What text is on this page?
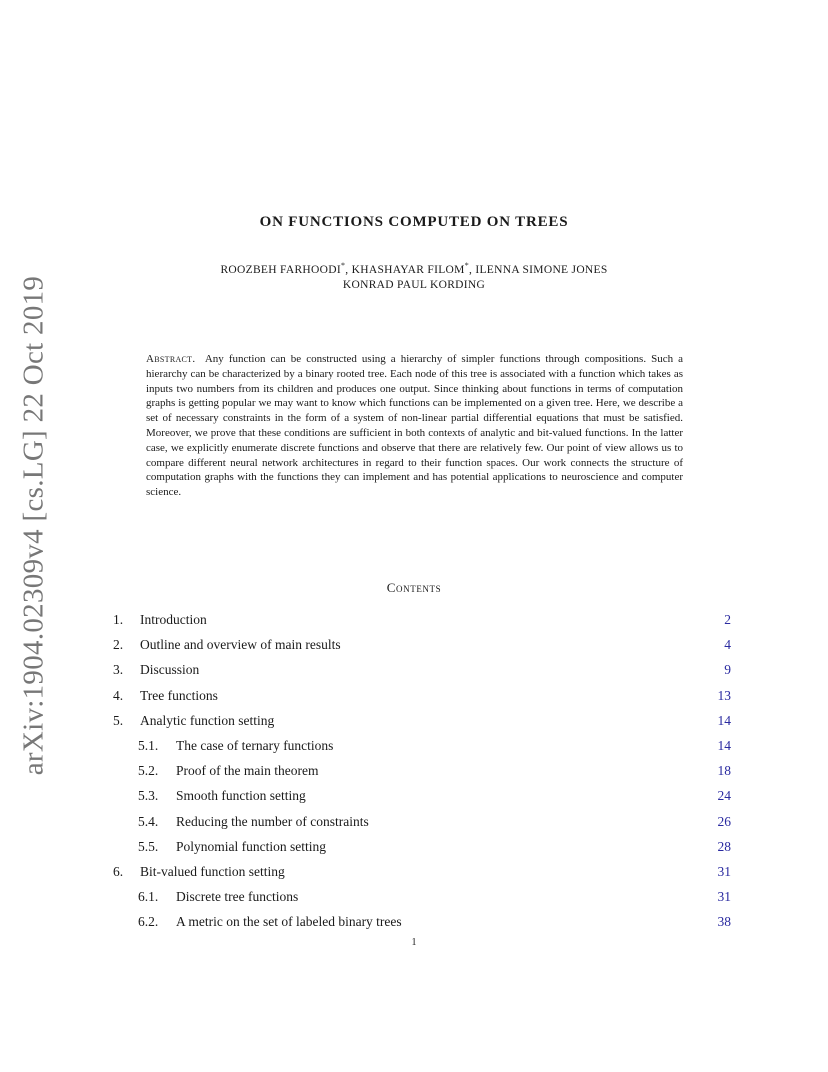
arXiv:1904.02309v4 [cs.LG] 22 Oct 2019
ON FUNCTIONS COMPUTED ON TREES
ROOZBEH FARHOODI*, KHASHAYAR FILOM*, ILENNA SIMONE JONES
KONRAD PAUL KORDING

Abstract. Any function can be constructed using a hierarchy of simpler functions through compositions. Such a hierarchy can be characterized by a binary rooted tree. Each node of this tree is associated with a function which takes as inputs two numbers from its children and produces one output. Since thinking about functions in terms of computation graphs is getting popular we may want to know which functions can be implemented on a given tree. Here, we describe a set of necessary constraints in the form of a system of non-linear partial differential equations that must be satisfied. Moreover, we prove that these conditions are sufficient in both contexts of analytic and bit-valued functions. In the latter case, we explicitly enumerate discrete functions and observe that there are relatively few. Our point of view allows us to compare different neural network architectures in regard to their function spaces. Our work connects the structure of computation graphs with the functions they can implement and has potential applications to neuroscience and computer science.

Contents
1. Introduction	2
2. Outline and overview of main results	4
3. Discussion	9
4. Tree functions	13
5. Analytic function setting	14
5.1. The case of ternary functions	14
5.2. Proof of the main theorem	18
5.3. Smooth function setting	24
5.4. Reducing the number of constraints	26
5.5. Polynomial function setting	28
6. Bit-valued function setting	31
6.1. Discrete tree functions	31
6.2. A metric on the set of labeled binary trees	38
1
